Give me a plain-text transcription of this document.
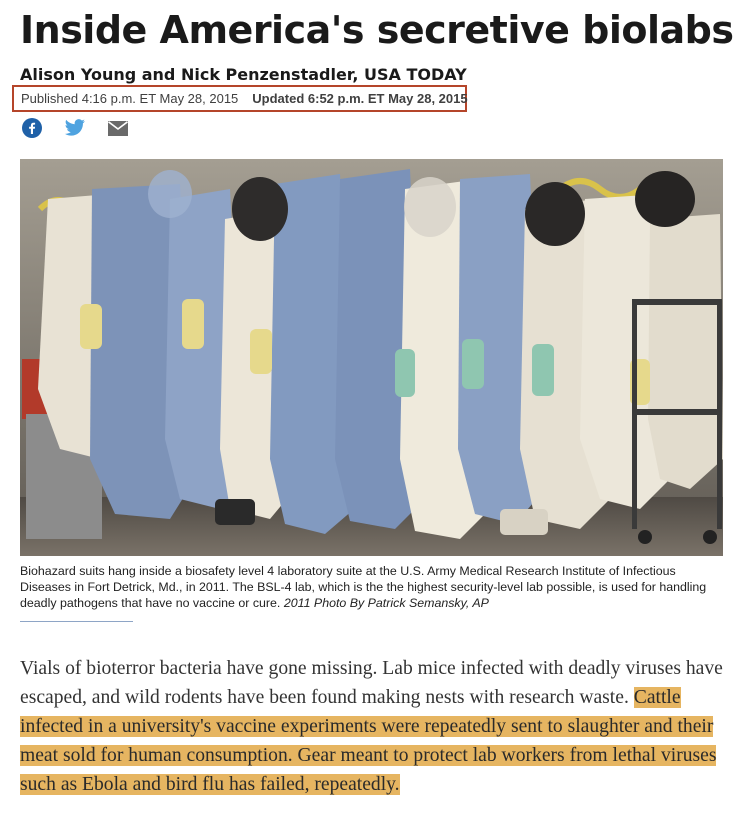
Inside America's secretive biolabs
Alison Young and Nick Penzenstadler, USA TODAY
Published 4:16 p.m. ET May 28, 2015 Updated 6:52 p.m. ET May 28, 2015

Biohazard suits hang inside a biosafety level 4 laboratory suite at the U.S. Army Medical Research Institute of Infectious Diseases in Fort Detrick, Md., in 2011. The BSL-4 lab, which is the the highest security-level lab possible, is used for handling deadly pathogens that have no vaccine or cure. 2011 Photo By Patrick Semansky, AP

Vials of bioterror bacteria have gone missing. Lab mice infected with deadly viruses have escaped, and wild rodents have been found making nests with research waste. Cattle infected in a university's vaccine experiments were repeatedly sent to slaughter and their meat sold for human consumption. Gear meant to protect lab workers from lethal viruses such as Ebola and bird flu has failed, repeatedly.
